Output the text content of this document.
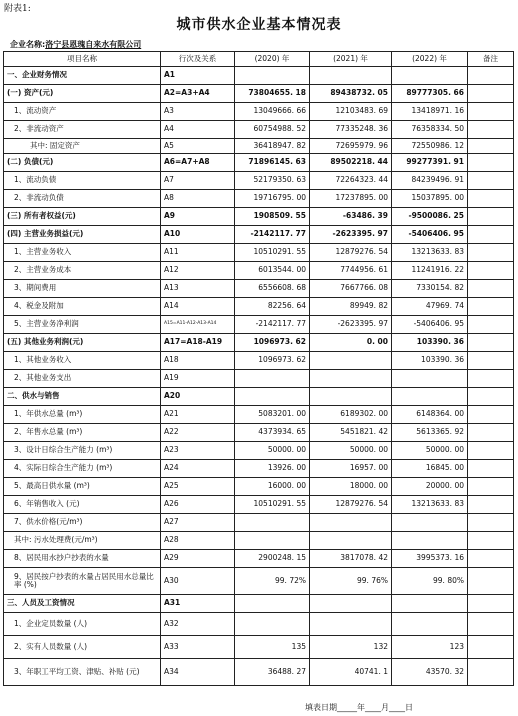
附表1:
城市供水企业基本情况表
企业名称:洛宁县恩瑰自来水有限公司
项目名称	行次及关系	(2020) 年	(2021) 年	(2022) 年	备注
一、企业财务情况	A1				
(一) 资产(元)	A2=A3+A4	73804655. 18	89438732. 05	89777305. 66	
1、流动资产	A3	13049666. 66	12103483. 69	13418971. 16	
2、非流动资产	A4	60754988. 52	77335248. 36	76358334. 50	
其中: 固定资产	A5	36418947. 82	72695979. 96	72550986. 12	
(二) 负债(元)	A6=A7+A8	71896145. 63	89502218. 44	99277391. 91	
1、流动负债	A7	52179350. 63	72264323. 44	84239496. 91	
2、非流动负债	A8	19716795. 00	17237895. 00	15037895. 00	
(三) 所有者权益(元)	A9	1908509. 55	-63486. 39	-9500086. 25	
(四) 主营业务损益(元)	A10	-2142117. 77	-2623395. 97	-5406406. 95	
1、主营业务收入	A11	10510291. 55	12879276. 54	13213633. 83	
2、主营业务成本	A12	6013544. 00	7744956. 61	11241916. 22	
3、期间费用	A13	6556608. 68	7667766. 08	7330154. 82	
4、税金及附加	A14	82256. 64	89949. 82	47969. 74	
5、主营业务净利润	A15=A11-A12-A13-A14	-2142117. 77	-2623395. 97	-5406406. 95	
(五) 其他业务利润(元)	A17=A18-A19	1096973. 62	0. 00	103390. 36	
1、其他业务收入	A18	1096973. 62		103390. 36	
2、其他业务支出	A19				
二、供水与销售	A20				
1、年供水总量 (m³)	A21	5083201. 00	6189302. 00	6148364. 00	
2、年售水总量 (m³)	A22	4373934. 65	5451821. 42	5613365. 92	
3、设计日综合生产能力 (m³)	A23	50000. 00	50000. 00	50000. 00	
4、实际日综合生产能力 (m³)	A24	13926. 00	16957. 00	16845. 00	
5、最高日供水量 (m³)	A25	16000. 00	18000. 00	20000. 00	
6、年销售收入 (元)	A26	10510291. 55	12879276. 54	13213633. 83	
7、供水价格(元/m³)	A27				
其中: 污水处理费(元/m³)	A28				
8、居民用水抄户抄表的水量	A29	2900248. 15	3817078. 42	3995373. 16	
9、居民按户抄表的水量占居民用水总量比率 (%)	A30	99. 72%	99. 76%	99. 80%	
三、人员及工资情况	A31				
1、企业定员数量 (人)	A32				
2、实有人员数量 (人)	A33	135	132	123	
3、年职工平均工资、津贴、补贴 (元)	A34	36488. 27	40741. 1	43570. 32	
填表日期_____年____月____日
